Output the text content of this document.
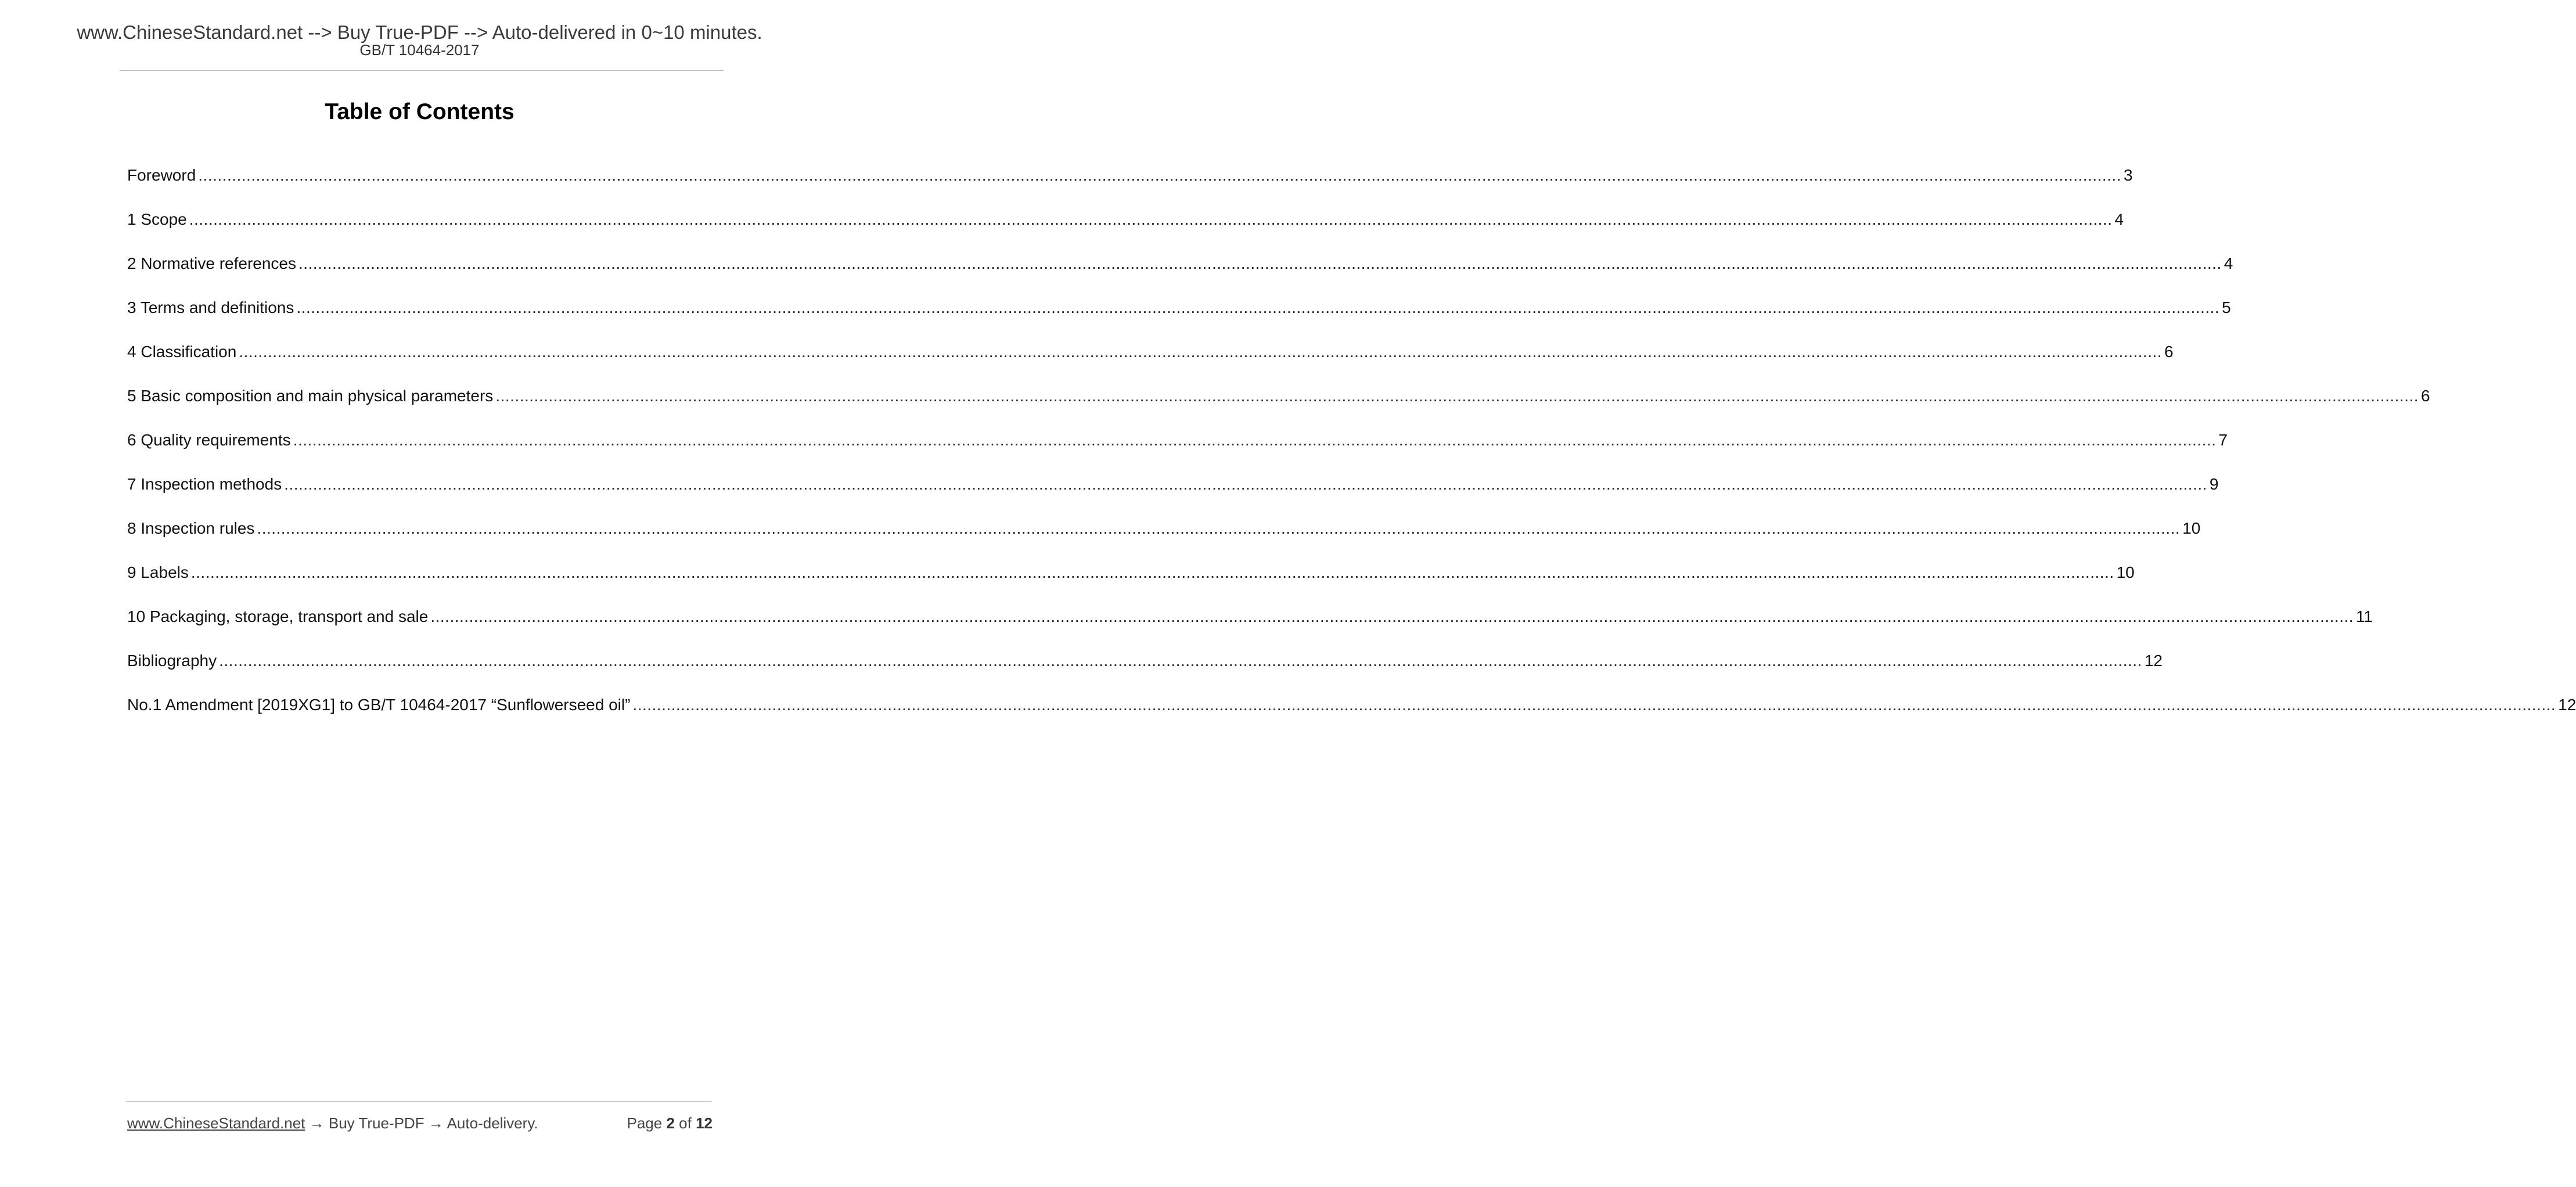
www.ChineseStandard.net --> Buy True-PDF --> Auto-delivered in 0~10 minutes.
GB/T 10464-2017
Table of Contents
Foreword ................................................................................................................................................................................................................................................................................................................................................................................................................ 3
1 Scope ................................................................................................................................................................................................................................................................................................................................................................................................................ 4
2 Normative references ................................................................................................................................................................................................................................................................................................................................................................................................................ 4
3 Terms and definitions ................................................................................................................................................................................................................................................................................................................................................................................................................ 5
4 Classification ................................................................................................................................................................................................................................................................................................................................................................................................................ 6
5 Basic composition and main physical parameters ................................................................................................................................................................................................................................................................................................................................................................................................................ 6
6 Quality requirements ................................................................................................................................................................................................................................................................................................................................................................................................................ 7
7 Inspection methods ................................................................................................................................................................................................................................................................................................................................................................................................................ 9
8 Inspection rules ................................................................................................................................................................................................................................................................................................................................................................................................................ 10
9 Labels ................................................................................................................................................................................................................................................................................................................................................................................................................ 10
10 Packaging, storage, transport and sale ................................................................................................................................................................................................................................................................................................................................................................................................................ 11
Bibliography ................................................................................................................................................................................................................................................................................................................................................................................................................ 12
No.1 Amendment [2019XG1] to GB/T 10464-2017 “Sunflowerseed oil” ................................................................................................................................................................................................................................................................................................................................................................................................................ 12
www.ChineseStandard.net → Buy True-PDF → Auto-delivery.	Page 2 of 12
